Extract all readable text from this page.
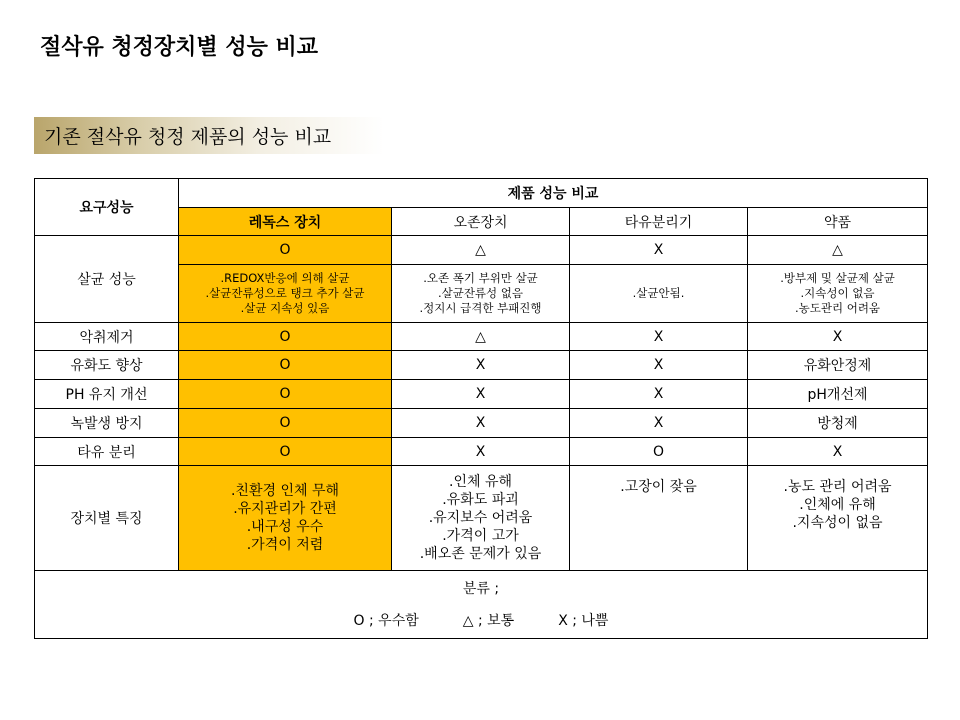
절삭유 청정장치별 성능 비교
기존 절삭유 청정 제품의 성능 비교
요구성능	제품 성능 비교			
	레독스 장치	오존장치	타유분리기	약품
살균 성능	O	△	X	△

	.REDOX반응에 의해 살균
.살균잔류성으로 탱크 추가 살균
.살균 지속성 있음	.오존 폭기 부위만 살균
.살균잔류성 없음
.정지시 급격한 부패진행	.살균안됨.	.방부제 및 살균제 살균
.지속성이 없음
.농도관리 어려움

악취제거	O	△	X	X
유화도 향상	O	X	X	유화안정제
PH 유지 개선	O	X	X	pH개선제
녹발생 방지	O	X	X	방청제
타유 분리	O	X	O	X
장치별 특징	.친환경 인체 무해
.유지관리가 간편
.내구성 우수
.가격이 저렴	.인체 유해
.유화도 파괴
.유지보수 어려움
.가격이 고가
.배오존 문제가 있음	.고장이 잦음	.농도 관리 어려움
.인체에 유해
.지속성이 없음

분류 ;
O ; 우수함 △ ; 보통 X ; 나쁨				
